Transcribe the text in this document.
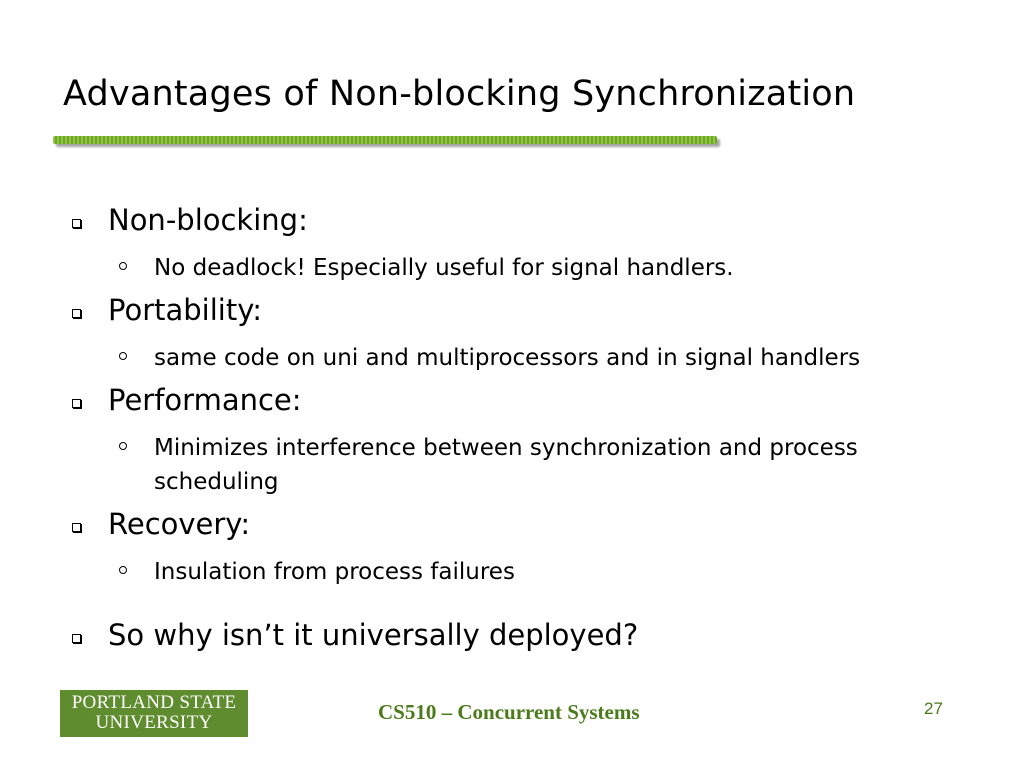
Advantages of Non-blocking Synchronization
Non-blocking:
No deadlock! Especially useful for signal handlers.
Portability:
same code on uni and multiprocessors and in signal handlers
Performance:
Minimizes interference between synchronization and process scheduling
Recovery:
Insulation from process failures
So why isn’t it universally deployed?
PORTLAND STATE
UNIVERSITY	CS510 – Concurrent Systems	27
